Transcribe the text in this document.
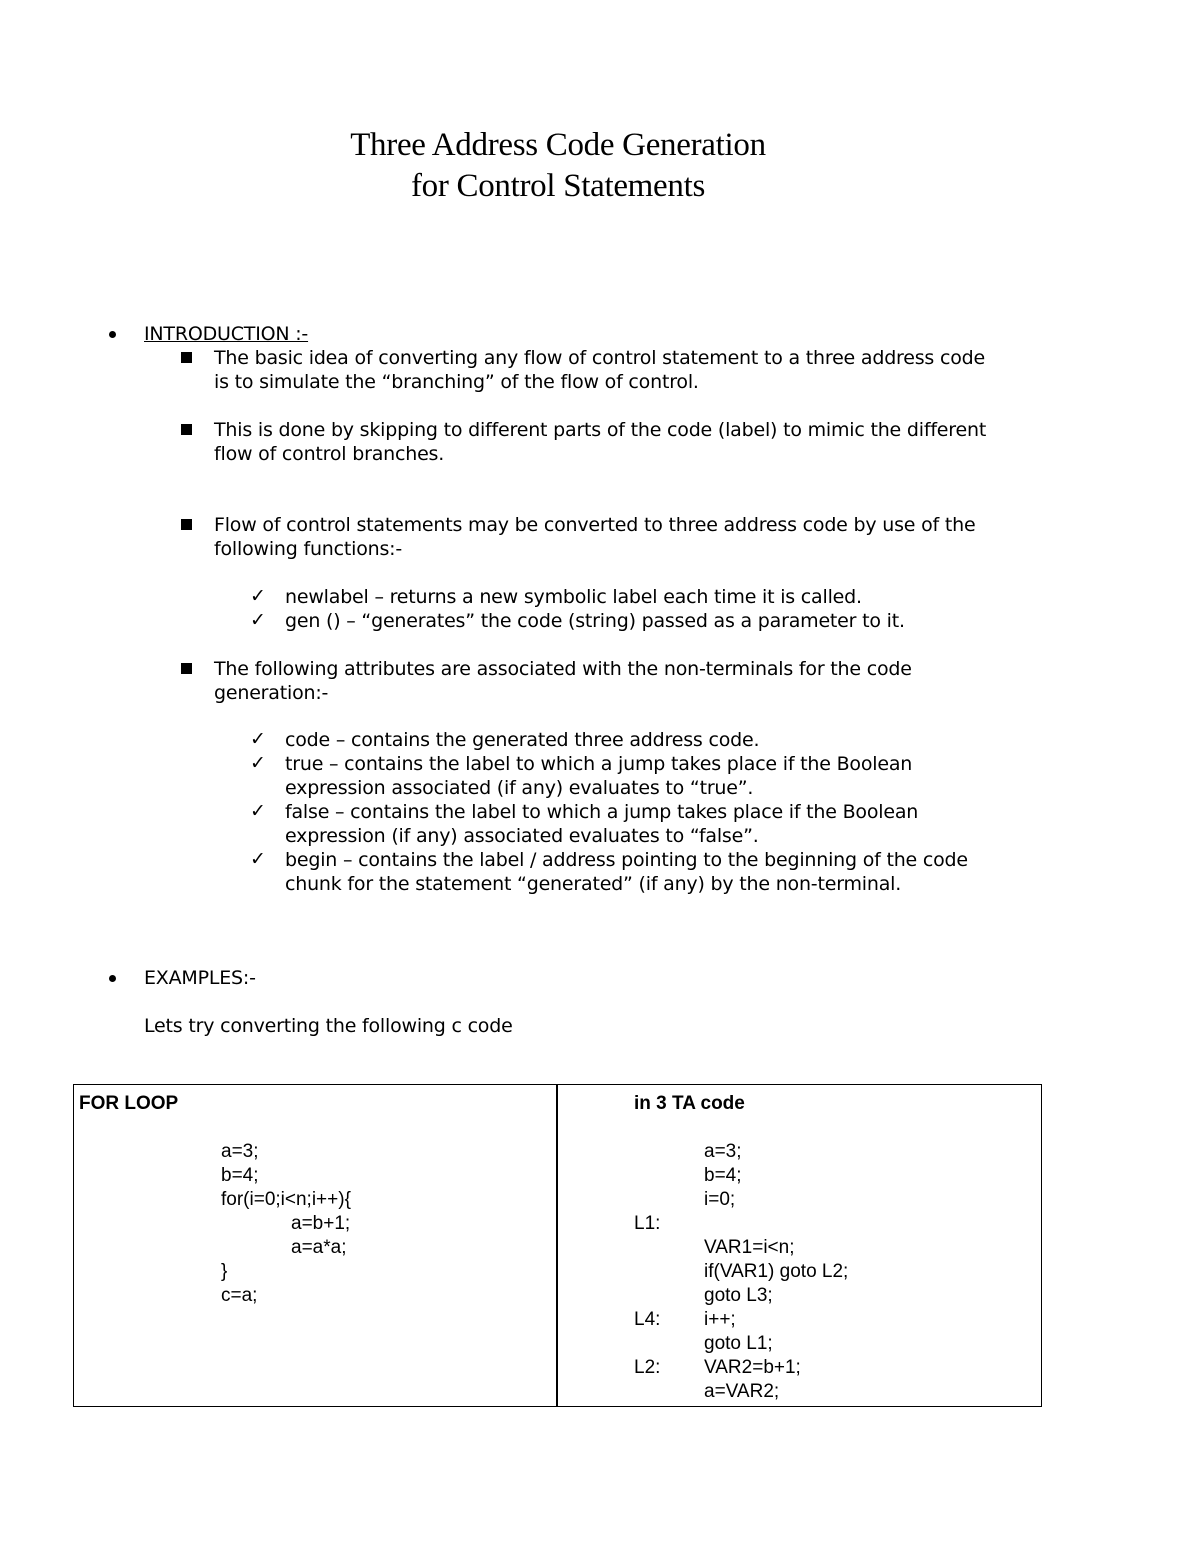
Three Address Code Generation
for Control Statements
INTRODUCTION :-
The basic idea of converting any flow of control statement to a three address code
is to simulate the “branching” of the flow of control.
This is done by skipping to different parts of the code (label) to mimic the different
flow of control branches.
Flow of control statements may be converted to three address code by use of the
following functions:-
✓ newlabel – returns a new symbolic label each time it is called.
✓ gen () – “generates” the code (string) passed as a parameter to it.
The following attributes are associated with the non-terminals for the code
generation:-
✓ code – contains the generated three address code.
✓ true – contains the label to which a jump takes place if the Boolean
expression associated (if any) evaluates to “true”.
✓ false – contains the label to which a jump takes place if the Boolean
expression (if any) associated evaluates to “false”.
✓ begin – contains the label / address pointing to the beginning of the code
chunk for the statement “generated” (if any) by the non-terminal.
EXAMPLES:-
Lets try converting the following c code
FOR LOOP
a=3;
b=4;
for(i=0;i<n;i++){
a=b+1;
a=a*a;
}
c=a;
in 3 TA code
a=3;
b=4;
i=0;
L1:
VAR1=i<n;
if(VAR1) goto L2;
goto L3;
L4: i++;
goto L1;
L2: VAR2=b+1;
a=VAR2;
